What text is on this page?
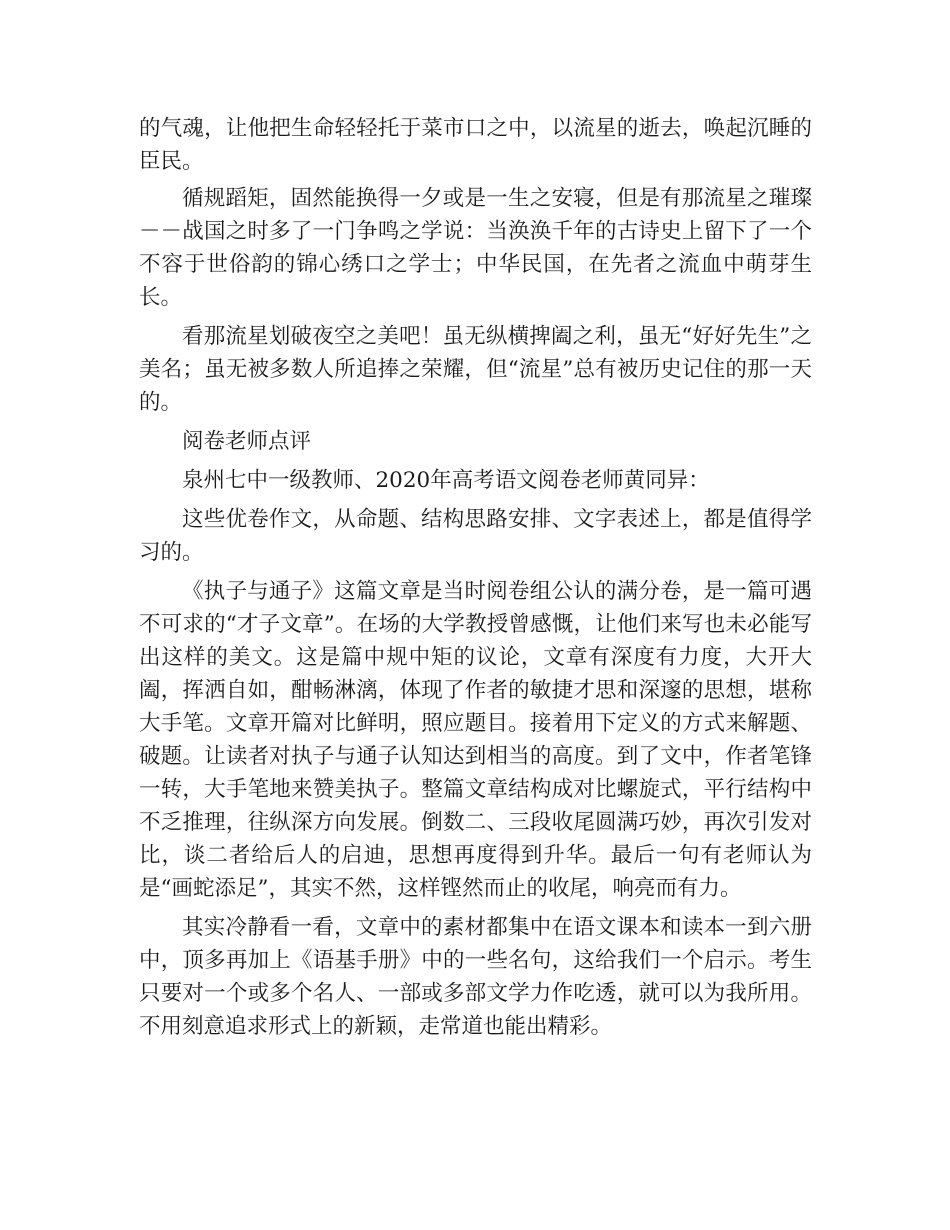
的气魂，让他把生命轻轻托于菜市口之中，以流星的逝去，唤起沉睡的臣民。

循规蹈矩，固然能换得一夕或是一生之安寝，但是有那流星之璀璨－－战国之时多了一门争鸣之学说：当涣涣千年的古诗史上留下了一个不容于世俗韵的锦心绣口之学士；中华民国，在先者之流血中萌芽生长。

看那流星划破夜空之美吧！虽无纵横捭阖之利，虽无“好好先生”之美名；虽无被多数人所追捧之荣耀，但“流星”总有被历史记住的那一天的。

阅卷老师点评

泉州七中一级教师、2020年高考语文阅卷老师黄同异：

这些优卷作文，从命题、结构思路安排、文字表述上，都是值得学习的。

《执子与通子》这篇文章是当时阅卷组公认的满分卷，是一篇可遇不可求的“才子文章”。在场的大学教授曾感慨，让他们来写也未必能写出这样的美文。这是篇中规中矩的议论，文章有深度有力度，大开大阖，挥洒自如，酣畅淋漓，体现了作者的敏捷才思和深邃的思想，堪称大手笔。文章开篇对比鲜明，照应题目。接着用下定义的方式来解题、破题。让读者对执子与通子认知达到相当的高度。到了文中，作者笔锋一转，大手笔地来赞美执子。整篇文章结构成对比螺旋式，平行结构中不乏推理，往纵深方向发展。倒数二、三段收尾圆满巧妙，再次引发对比，谈二者给后人的启迪，思想再度得到升华。最后一句有老师认为是“画蛇添足”，其实不然，这样铿然而止的收尾，响亮而有力。

其实冷静看一看，文章中的素材都集中在语文课本和读本一到六册中，顶多再加上《语基手册》中的一些名句，这给我们一个启示。考生只要对一个或多个名人、一部或多部文学力作吃透，就可以为我所用。不用刻意追求形式上的新颖，走常道也能出精彩。
